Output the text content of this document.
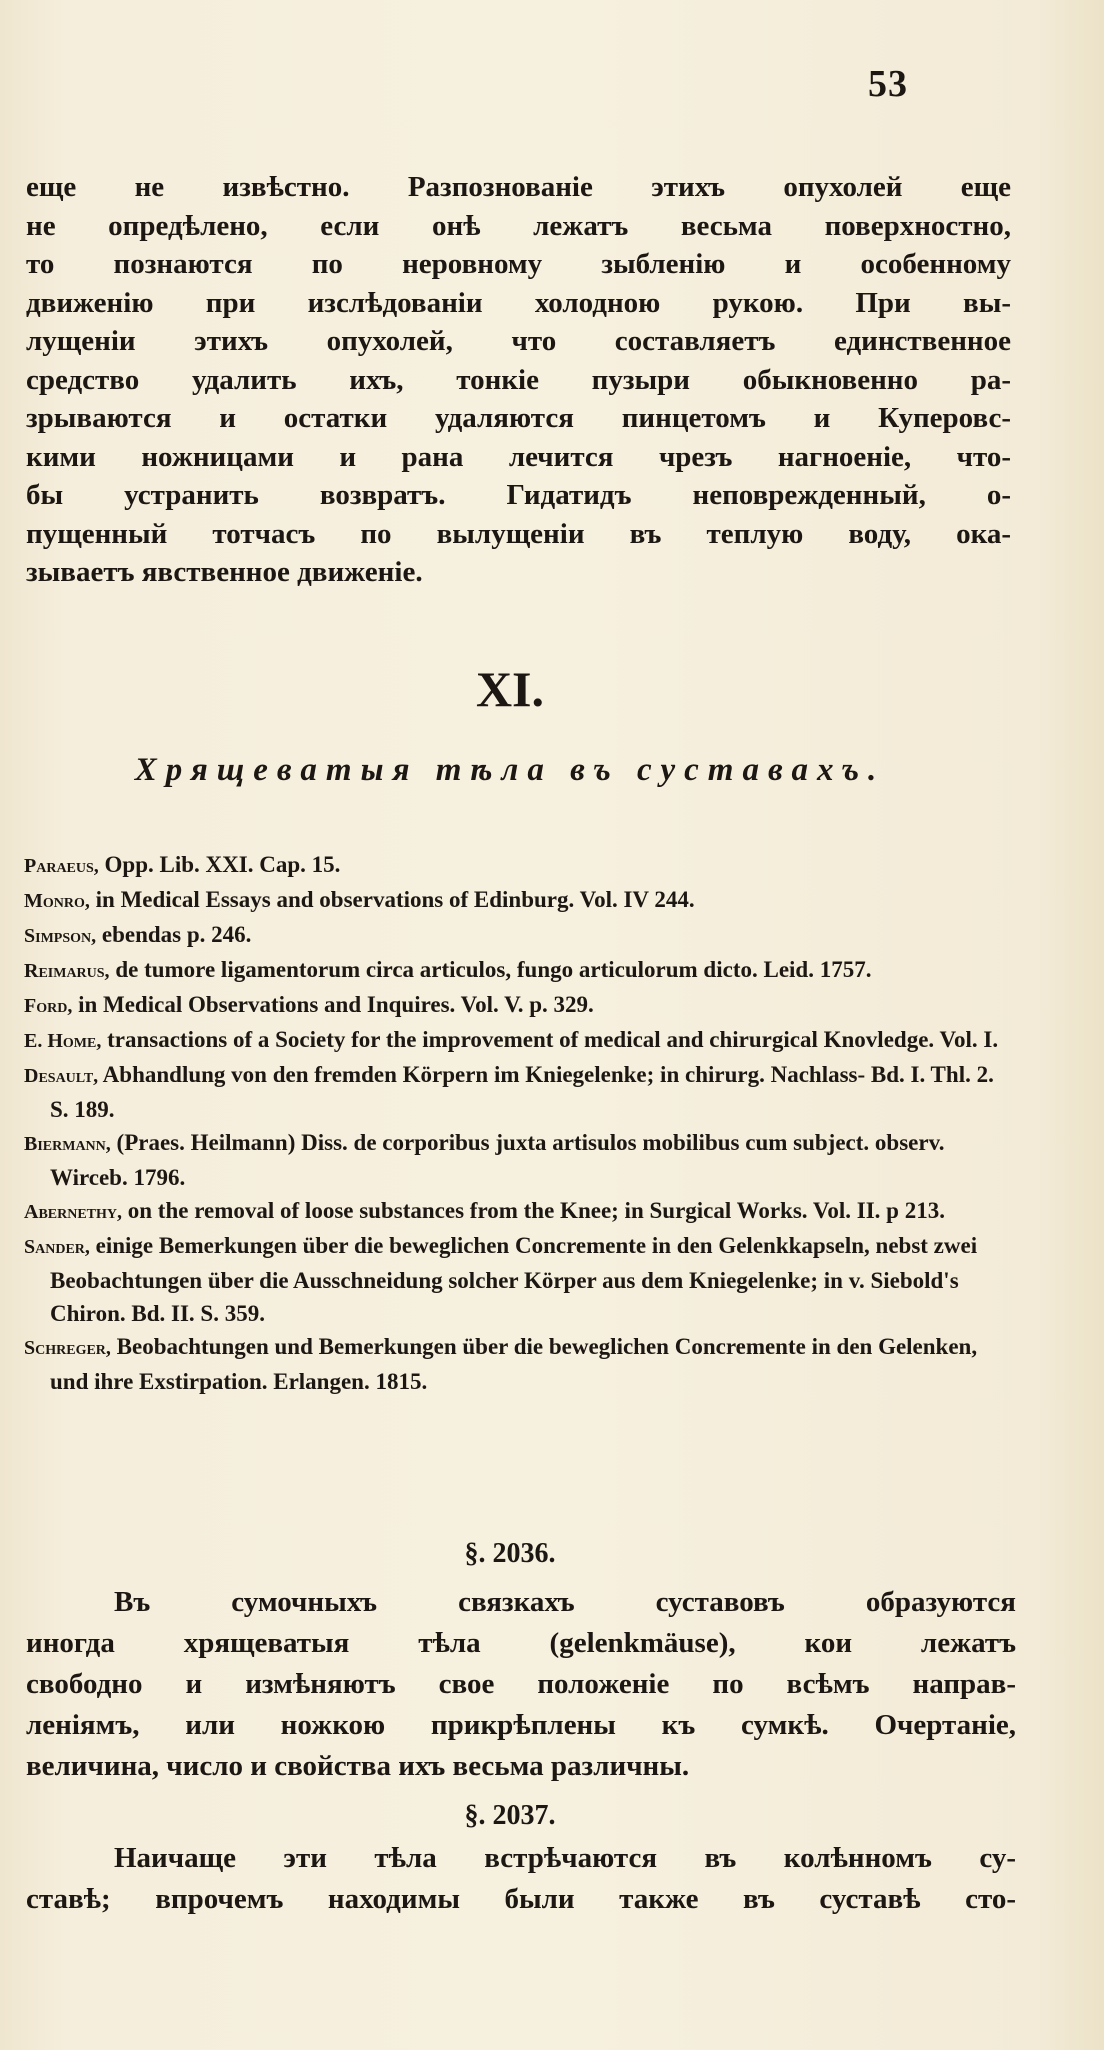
53

еще не извѣстно. Разпознованіе этихъ опухолей еще
не опредѣлено, если онѣ лежатъ весьма поверхностно,
то познаются по неровному зыбленію и особенному
движенію при изслѣдованіи холодною рукою. При вы-
лущеніи этихъ опухолей, что составляетъ единственное
средство удалить ихъ, тонкіе пузыри обыкновенно ра-
зрываются и остатки удаляются пинцетомъ и Куперовс-
кими ножницами и рана лечится чрезъ нагноеніе, что-
бы устранить возвратъ. Гидатидъ неповрежденный, о-
пущенный тотчасъ по вылущеніи въ теплую воду, ока-
зываетъ явственное движеніе.

XI.
Хрящеватыя тѣла въ суставахъ.
Paraeus, Opp. Lib. XXI. Cap. 15.
Monro, in Medical Essays and observations of Edinburg. Vol. IV 244.
Simpson, ebendas p. 246.
Reimarus, de tumore ligamentorum circa articulos, fungo articulorum dicto. Leid. 1757.
Ford, in Medical Observations and Inquires. Vol. V. p. 329.
E. Home, transactions of a Society for the improvement of medical and chirurgical Knovledge. Vol. I.
Desault, Abhandlung von den fremden Körpern im Kniegelenke; in chirurg. Nachlass- Bd. I. Thl. 2. S. 189.
Biermann, (Praes. Heilmann) Diss. de corporibus juxta artisulos mobilibus cum subject. observ. Wirceb. 1796.
Abernethy, on the removal of loose substances from the Knee; in Surgical Works. Vol. II. p 213.
Sander, einige Bemerkungen über die beweglichen Concremente in den Gelenkkapseln, nebst zwei Beobachtungen über die Ausschneidung solcher Körper aus dem Kniegelenke; in v. Siebold's Chiron. Bd. II. S. 359.
Schreger, Beobachtungen und Bemerkungen über die beweglichen Concremente in den Gelenken, und ihre Exstirpation. Erlangen. 1815.
§. 2036.

Въ сумочныхъ связкахъ суставовъ образуются
иногда хрящеватыя тѣла (gelenkmäuse), кои лежатъ
свободно и измѣняютъ свое положеніе по всѣмъ направ-
леніямъ, или ножкою прикрѣплены къ сумкѣ. Очертаніе,
величина, число и свойства ихъ весьма различны.

§. 2037.

Наичаще эти тѣла встрѣчаются въ колѣнномъ су-
ставѣ; впрочемъ находимы были также въ суставѣ сто-
